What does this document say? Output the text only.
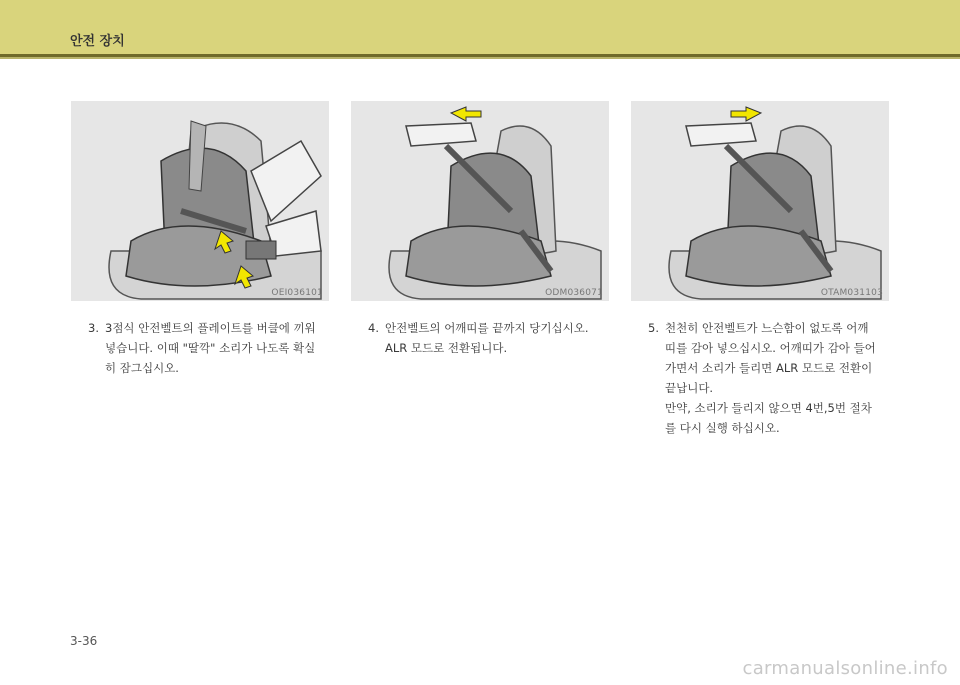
안전 장치
OEI036101	ODM036071	OTAM031103
3. 3점식 안전벨트의 플레이트를 버클에 끼워
넣습니다. 이때 "딸깍" 소리가 나도록 확실
히 잠그십시오.
4. 안전벨트의 어깨띠를 끝까지 당기십시오.
ALR 모드로 전환됩니다.
5. 천천히 안전벨트가 느슨함이 없도록 어깨
띠를 감아 넣으십시오. 어깨띠가 감아 들어
가면서 소리가 들리면 ALR 모드로 전환이
끝납니다.
만약, 소리가 들리지 않으면 4번,5번 절차
를 다시 실행 하십시오.
3-36
carmanualsonline.info
